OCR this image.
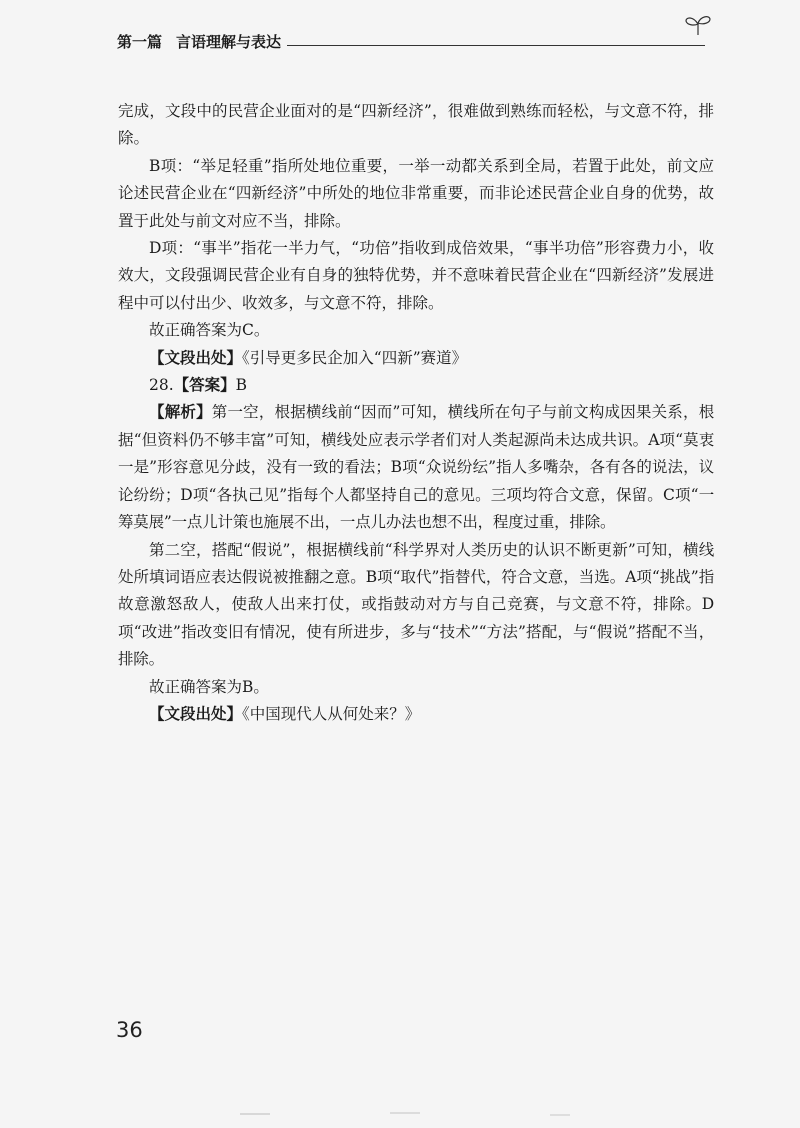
第一篇 言语理解与表达

完成，文段中的民营企业面对的是“四新经济”，很难做到熟练而轻松，与文意不符，排除。

B项：“举足轻重”指所处地位重要，一举一动都关系到全局，若置于此处，前文应论述民营企业在“四新经济”中所处的地位非常重要，而非论述民营企业自身的优势，故置于此处与前文对应不当，排除。

D项：“事半”指花一半力气，“功倍”指收到成倍效果，“事半功倍”形容费力小，收效大，文段强调民营企业有自身的独特优势，并不意味着民营企业在“四新经济”发展进程中可以付出少、收效多，与文意不符，排除。

故正确答案为C。

【文段出处】《引导更多民企加入“四新”赛道》

28.【答案】B

【解析】第一空，根据横线前“因而”可知，横线所在句子与前文构成因果关系，根据“但资料仍不够丰富”可知，横线处应表示学者们对人类起源尚未达成共识。A项“莫衷一是”形容意见分歧，没有一致的看法；B项“众说纷纭”指人多嘴杂，各有各的说法，议论纷纷；D项“各执己见”指每个人都坚持自己的意见。三项均符合文意，保留。C项“一筹莫展”一点儿计策也施展不出，一点儿办法也想不出，程度过重，排除。

第二空，搭配“假说”，根据横线前“科学界对人类历史的认识不断更新”可知，横线处所填词语应表达假说被推翻之意。B项“取代”指替代，符合文意，当选。A项“挑战”指故意激怒敌人，使敌人出来打仗，或指鼓动对方与自己竞赛，与文意不符，排除。D项“改进”指改变旧有情况，使有所进步，多与“技术”“方法”搭配，与“假说”搭配不当，排除。

故正确答案为B。

【文段出处】《中国现代人从何处来？》

36
